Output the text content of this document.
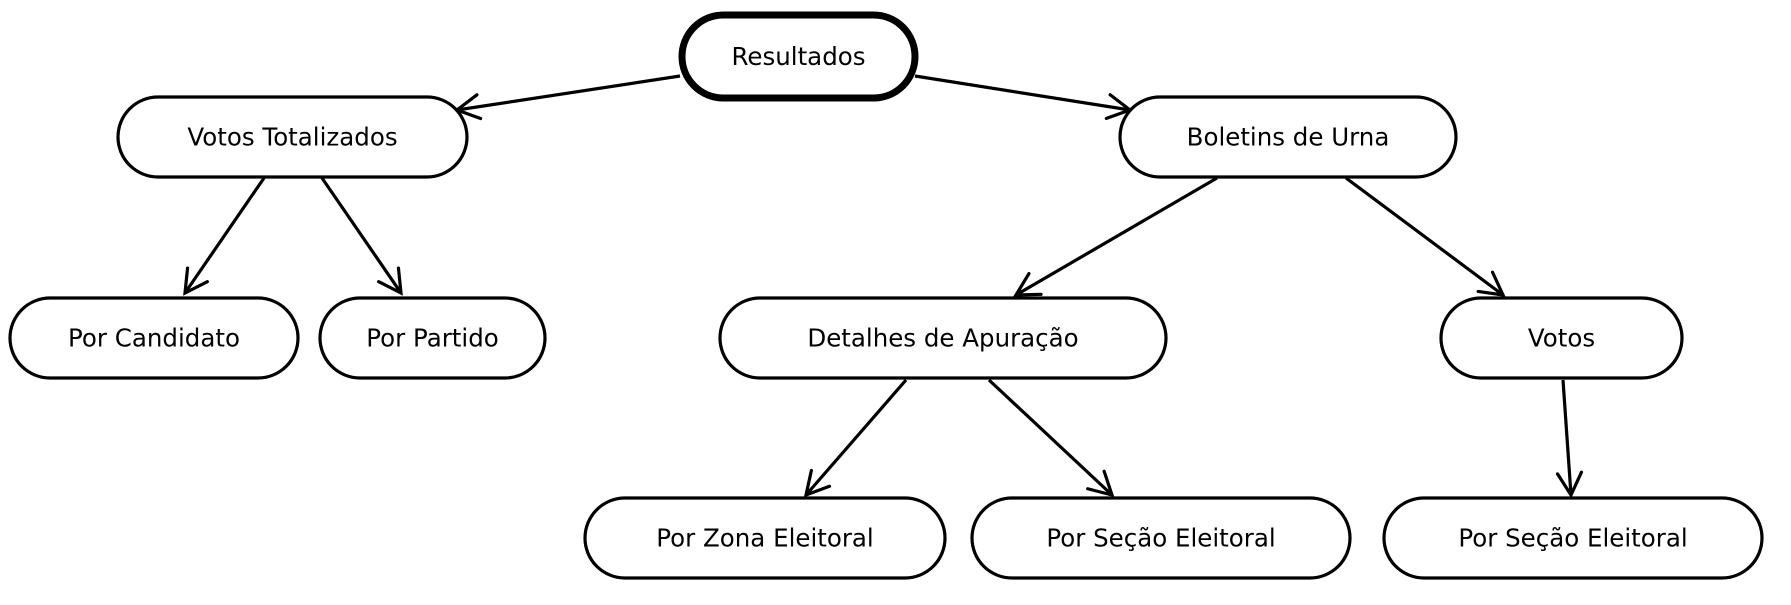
Resultados
Votos Totalizados	Boletins de Urna
Por Candidato	Por Partido	Detalhes de Apuração	Votos
Por Zona Eleitoral	Por Seção Eleitoral	Por Seção Eleitoral
